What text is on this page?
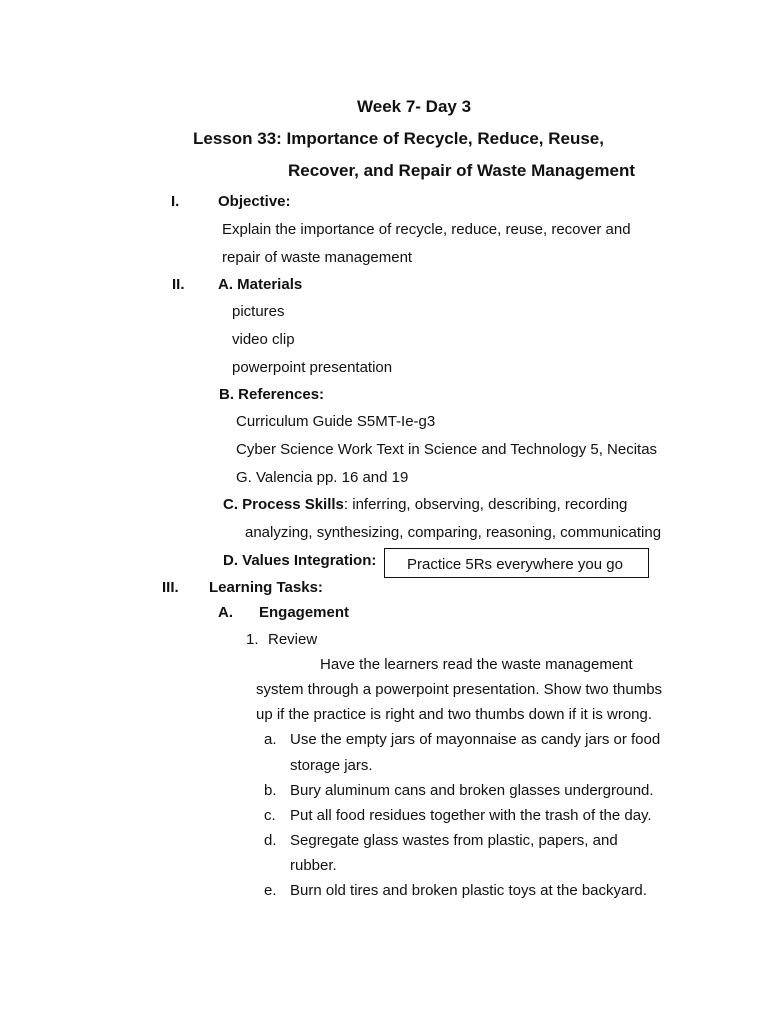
Week 7- Day 3
Lesson 33: Importance of Recycle, Reduce, Reuse,
Recover, and Repair of Waste Management
I.	Objective:
Explain the importance of recycle, reduce, reuse, recover and
repair of waste management
II. A. Materials
pictures
video clip
powerpoint presentation
B. References:
Curriculum Guide S5MT-Ie-g3
Cyber Science Work Text in Science and Technology 5, Necitas
G. Valencia pp. 16 and 19
C. Process Skills: inferring, observing, describing, recording
analyzing, synthesizing, comparing, reasoning, communicating
D. Values Integration: Practice 5Rs everywhere you go
III. Learning Tasks:
A. Engagement
1. Review
Have the learners read the waste management
system through a powerpoint presentation. Show two thumbs
up if the practice is right and two thumbs down if it is wrong.
a. Use the empty jars of mayonnaise as candy jars or food
storage jars.
b. Bury aluminum cans and broken glasses underground.
c. Put all food residues together with the trash of the day.
d. Segregate glass wastes from plastic, papers, and
rubber.
e. Burn old tires and broken plastic toys at the backyard.
